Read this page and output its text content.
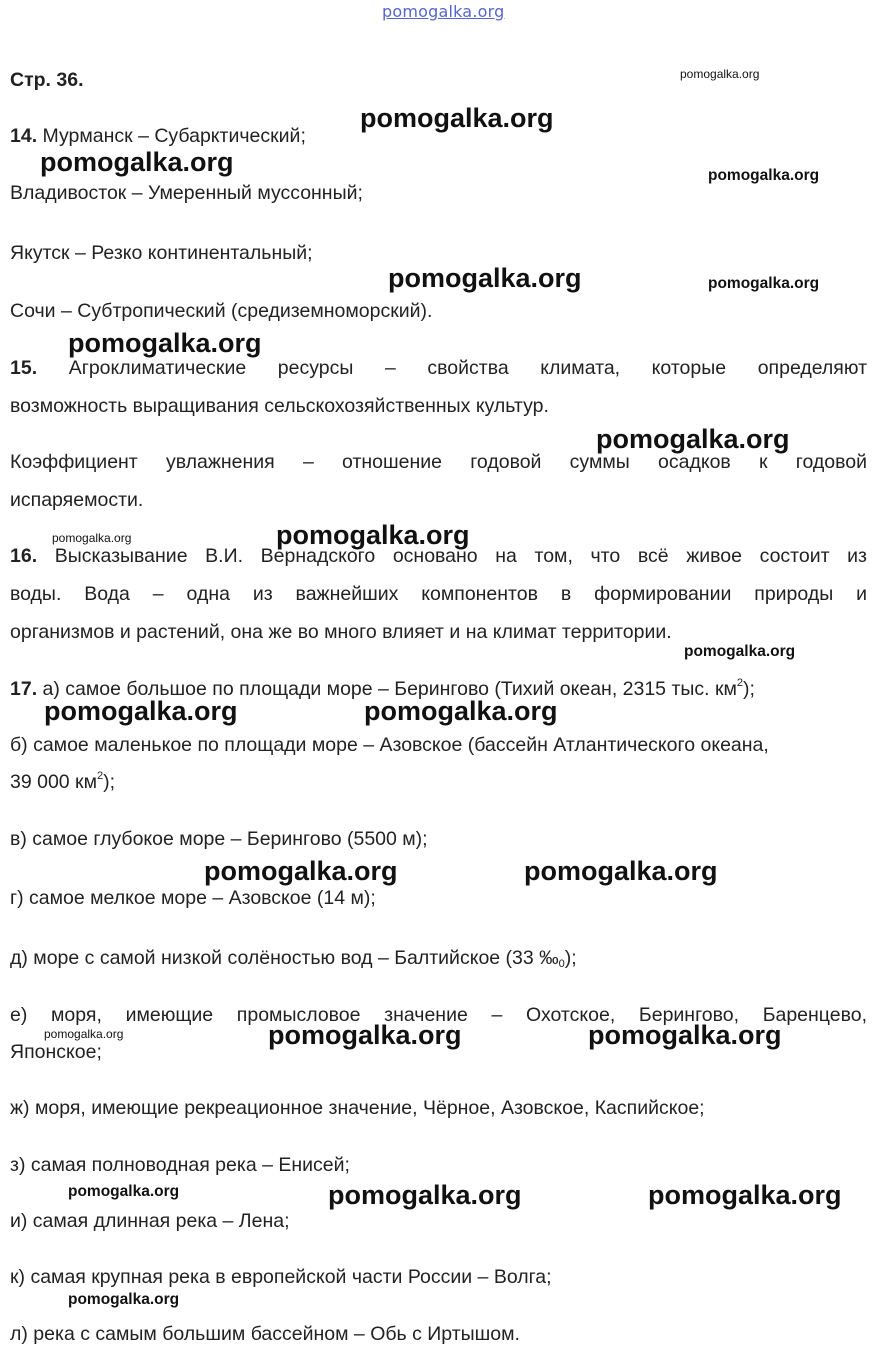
pomogalka.org
Стр. 36.
14. Мурманск – Субарктический;
Владивосток – Умеренный муссонный;
Якутск – Резко континентальный;
Сочи – Субтропический (средиземноморский).
15. Агроклиматические ресурсы – свойства климата, которые определяют
возможность выращивания сельскохозяйственных культур.
Коэффициент увлажнения – отношение годовой суммы осадков к годовой
испаряемости.
16. Высказывание В.И. Вернадского основано на том, что всё живое состоит из
воды. Вода – одна из важнейших компонентов в формировании природы и
организмов и растений, она же во много влияет и на климат территории.
17. а) самое большое по площади море – Берингово (Тихий океан, 2315 тыс. $км^2$);
б) самое маленькое по площади море – Азовское (бассейн Атлантического океана,
39 000 $км^2$);
в) самое глубокое море – Берингово (5500 м);
г) самое мелкое море – Азовское (14 м);
д) море с самой низкой солёностью вод – Балтийское (33 $‰_0$);
е) моря, имеющие промысловое значение – Охотское, Берингово, Баренцево,
Японское;
ж) моря, имеющие рекреационное значение, Чёрное, Азовское, Каспийское;
з) самая полноводная река – Енисей;
и) самая длинная река – Лена;
к) самая крупная река в европейской части России – Волга;
л) река с самым большим бассейном – Обь с Иртышом.
pomogalka.org
pomogalka.org
pomogalka.org	pomogalka.org
pomogalka.org	pomogalka.org
pomogalka.org
pomogalka.org
pomogalka.org	pomogalka.org
pomogalka.org
pomogalka.org	pomogalka.org
pomogalka.org	pomogalka.org
pomogalka.org	pomogalka.org	pomogalka.org
pomogalka.org	pomogalka.org	pomogalka.org
pomogalka.org
